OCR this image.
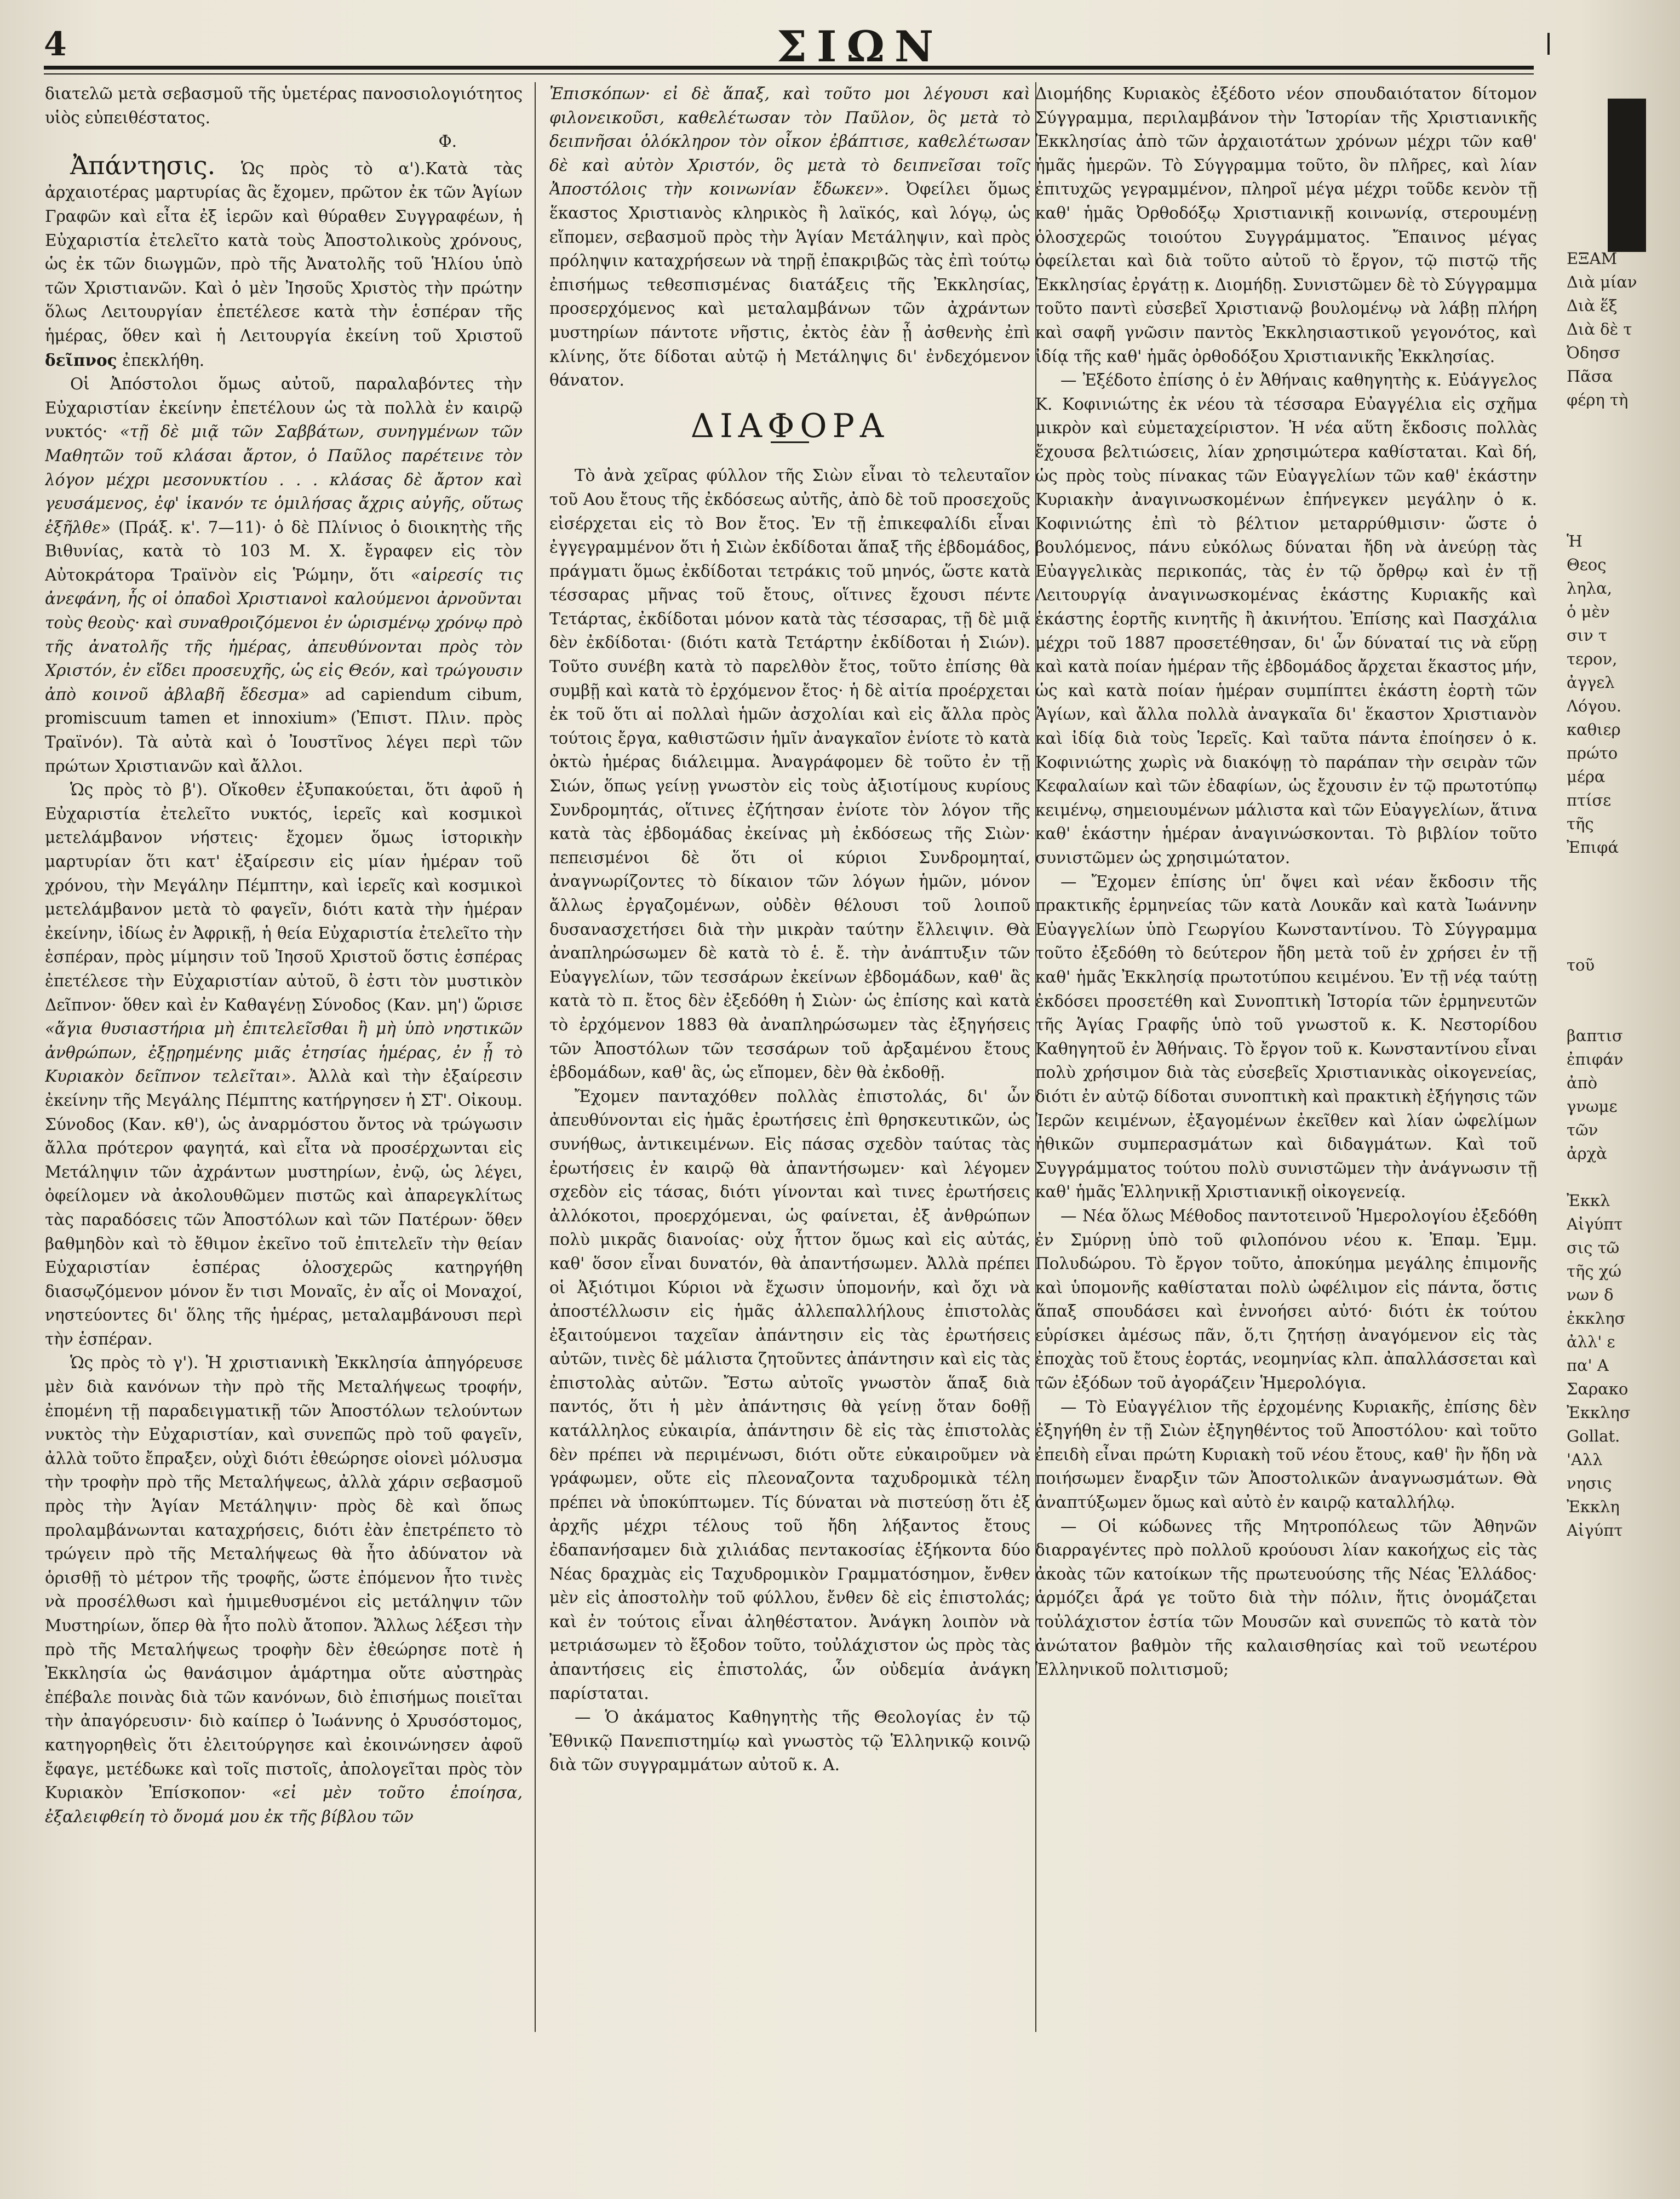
4	ΣΙΩΝ

διατελῶ μετὰ σεβασμοῦ τῆς ὑμετέρας πανοσιολογιότητος υἱὸς εὐπειθέστατος.

Φ.

Ἀπάντησις. Ὡς πρὸς τὸ α').Κατὰ τὰς ἀρχαιοτέρας μαρτυρίας ἃς ἔχομεν, πρῶτον ἐκ τῶν Ἁγίων Γραφῶν καὶ εἶτα ἐξ ἱερῶν καὶ θύραθεν Συγγραφέων, ἡ Εὐχαριστία ἐτελεῖτο κατὰ τοὺς Ἀποστολικοὺς χρόνους, ὡς ἐκ τῶν διωγμῶν, πρὸ τῆς Ἀνατολῆς τοῦ Ἡλίου ὑπὸ τῶν Χριστιανῶν. Καὶ ὁ μὲν Ἰησοῦς Χριστὸς τὴν πρώτην ὅλως Λειτουργίαν ἐπετέλεσε κατὰ τὴν ἑσπέραν τῆς ἡμέρας, ὅθεν καὶ ἡ Λειτουργία ἐκείνη τοῦ Χριστοῦ δεῖπνος ἐπεκλήθη.

Οἱ Ἀπόστολοι ὅμως αὐτοῦ, παραλαβόντες τὴν Εὐχαριστίαν ἐκείνην ἐπετέλουν ὡς τὰ πολλὰ ἐν καιρῷ νυκτός· «τῇ δὲ μιᾷ τῶν Σαββάτων, συνηγμένων τῶν Μαθητῶν τοῦ κλάσαι ἄρτον, ὁ Παῦλος παρέτεινε τὸν λόγον μέχρι μεσονυκτίου . . . κλάσας δὲ ἄρτον καὶ γευσάμενος, ἐφ' ἱκανόν τε ὁμιλήσας ἄχρις αὐγῆς, οὕτως ἐξῆλθε» (Πράξ. κ'. 7—11)· ὁ δὲ Πλίνιος ὁ διοικητὴς τῆς Βιθυνίας, κατὰ τὸ 103 Μ. Χ. ἔγραφεν εἰς τὸν Αὐτοκράτορα Τραϊνὸν εἰς Ῥώμην, ὅτι «αἱρεσίς τις ἀνεφάνη, ἧς οἱ ὀπαδοὶ Χριστιανοὶ καλούμενοι ἀρνοῦνται τοὺς θεοὺς· καὶ συναθροιζόμενοι ἐν ὡρισμένῳ χρόνῳ πρὸ τῆς ἀνατολῆς τῆς ἡμέρας, ἀπευθύνονται πρὸς τὸν Χριστόν, ἐν εἴδει προσευχῆς, ὡς εἰς Θεόν, καὶ τρώγουσιν ἀπὸ κοινοῦ ἀβλαβῆ ἔδεσμα» ad capiendum cibum, promiscuum tamen et innoxium» (Ἐπιστ. Πλιν. πρὸς Τραϊνόν). Τὰ αὐτὰ καὶ ὁ Ἰουστῖνος λέγει περὶ τῶν πρώτων Χριστιανῶν καὶ ἄλλοι.

Ὡς πρὸς τὸ β'). Οἴκοθεν ἐξυπακούεται, ὅτι ἀφοῦ ἡ Εὐχαριστία ἐτελεῖτο νυκτός, ἱερεῖς καὶ κοσμικοὶ μετελάμβανον νήστεις· ἔχομεν ὅμως ἱστορικὴν μαρτυρίαν ὅτι κατ' ἐξαίρεσιν εἰς μίαν ἡμέραν τοῦ χρόνου, τὴν Μεγάλην Πέμπτην, καὶ ἱερεῖς καὶ κοσμικοὶ μετελάμβανον μετὰ τὸ φαγεῖν, διότι κατὰ τὴν ἡμέραν ἐκείνην, ἰδίως ἐν Ἀφρικῇ, ἡ θεία Εὐχαριστία ἐτελεῖτο τὴν ἑσπέραν, πρὸς μίμησιν τοῦ Ἰησοῦ Χριστοῦ ὅστις ἑσπέρας ἐπετέλεσε τὴν Εὐχαριστίαν αὐτοῦ, ὃ ἐστι τὸν μυστικὸν Δεῖπνον· ὅθεν καὶ ἐν Καθαγένῃ Σύνοδος (Καν. μη') ὥρισε «ἅγια θυσιαστήρια μὴ ἐπιτελεῖσθαι ἢ μὴ ὑπὸ νηστικῶν ἀνθρώπων, ἐξῃρημένης μιᾶς ἐτησίας ἡμέρας, ἐν ᾗ τὸ Κυριακὸν δεῖπνον τελεῖται». Ἀλλὰ καὶ τὴν ἐξαίρεσιν ἐκείνην τῆς Μεγάλης Πέμπτης κατήργησεν ἡ ΣΤ'. Οἰκουμ. Σύνοδος (Καν. κθ'), ὡς ἀναρμόστου ὄντος νὰ τρώγωσιν ἄλλα πρότερον φαγητά, καὶ εἶτα νὰ προσέρχωνται εἰς Μετάληψιν τῶν ἀχράντων μυστηρίων, ἐνῷ, ὡς λέγει, ὀφείλομεν νὰ ἀκολουθῶμεν πιστῶς καὶ ἀπαρεγκλίτως τὰς παραδόσεις τῶν Ἀποστόλων καὶ τῶν Πατέρων· ὅθεν βαθμηδὸν καὶ τὸ ἔθιμον ἐκεῖνο τοῦ ἐπιτελεῖν τὴν θείαν Εὐχαριστίαν ἑσπέρας ὁλοσχερῶς κατηργήθη διασῳζόμενον μόνον ἔν τισι Μοναῖς, ἐν αἷς οἱ Μοναχοί, νηστεύοντες δι' ὅλης τῆς ἡμέρας, μεταλαμβάνουσι περὶ τὴν ἑσπέραν.

Ὡς πρὸς τὸ γ'). Ἡ χριστιανικὴ Ἐκκλησία ἀπηγόρευσε μὲν διὰ κανόνων τὴν πρὸ τῆς Μεταλήψεως τροφήν, ἐπομένη τῇ παραδειγματικῇ τῶν Ἀποστόλων τελούντων νυκτὸς τὴν Εὐχαριστίαν, καὶ συνεπῶς πρὸ τοῦ φαγεῖν, ἀλλὰ τοῦτο ἔπραξεν, οὐχὶ διότι ἐθεώρησε οἱονεὶ μόλυσμα τὴν τροφὴν πρὸ τῆς Μεταλήψεως, ἀλλὰ χάριν σεβασμοῦ πρὸς τὴν Ἁγίαν Μετάληψιν· πρὸς δὲ καὶ ὅπως προλαμβάνωνται καταχρήσεις, διότι ἐὰν ἐπετρέπετο τὸ τρώγειν πρὸ τῆς Μεταλήψεως θὰ ἦτο ἀδύνατον νὰ ὁρισθῇ τὸ μέτρον τῆς τροφῆς, ὥστε ἐπόμενον ἦτο τινὲς νὰ προσέλθωσι καὶ ἡμιμεθυσμένοι εἰς μετάληψιν τῶν Μυστηρίων, ὅπερ θὰ ἦτο πολὺ ἄτοπον. Ἄλλως λέξεσι τὴν πρὸ τῆς Μεταλήψεως τροφὴν δὲν ἐθεώρησε ποτὲ ἡ Ἐκκλησία ὡς θανάσιμον ἁμάρτημα οὔτε αὐστηρὰς ἐπέβαλε ποινὰς διὰ τῶν κανόνων, διὸ ἐπισήμως ποιεῖται τὴν ἀπαγόρευσιν· διὸ καίπερ ὁ Ἰωάννης ὁ Χρυσόστομος, κατηγορηθεὶς ὅτι ἐλειτούργησε καὶ ἐκοινώνησεν ἀφοῦ ἔφαγε, μετέδωκε καὶ τοῖς πιστοῖς, ἀπολογεῖται πρὸς τὸν Κυριακὸν Ἐπίσκοπον· «εἰ μὲν τοῦτο ἐποίησα, ἐξαλειφθείη τὸ ὄνομά μου ἐκ τῆς βίβλου τῶν

Ἐπισκόπων· εἰ δὲ ἅπαξ, καὶ τοῦτο μοι λέγουσι καὶ φιλονεικοῦσι, καθελέτωσαν τὸν Παῦλον, ὃς μετὰ τὸ δειπνῆσαι ὁλόκληρον τὸν οἶκον ἐβάπτισε, καθελέτωσαν δὲ καὶ αὐτὸν Χριστόν, ὃς μετὰ τὸ δειπνεῖσαι τοῖς Ἀποστόλοις τὴν κοινωνίαν ἔδωκεν». Ὀφείλει ὅμως ἕκαστος Χριστιανὸς κληρικὸς ἢ λαϊκός, καὶ λόγῳ, ὡς εἴπομεν, σεβασμοῦ πρὸς τὴν Ἁγίαν Μετάληψιν, καὶ πρὸς πρόληψιν καταχρήσεων νὰ τηρῇ ἐπακριβῶς τὰς ἐπὶ τούτῳ ἐπισήμως τεθεσπισμένας διατάξεις τῆς Ἐκκλησίας, προσερχόμενος καὶ μεταλαμβάνων τῶν ἀχράντων μυστηρίων πάντοτε νῆστις, ἐκτὸς ἐὰν ᾖ ἀσθενὴς ἐπὶ κλίνης, ὅτε δίδοται αὐτῷ ἡ Μετάληψις δι' ἐνδεχόμενον θάνατον.

ΔΙΑΦΟΡΑ

Τὸ ἀνὰ χεῖρας φύλλον τῆς Σιὼν εἶναι τὸ τελευταῖον τοῦ Αου ἔτους τῆς ἐκδόσεως αὐτῆς, ἀπὸ δὲ τοῦ προσεχοῦς εἰσέρχεται εἰς τὸ Βον ἔτος. Ἐν τῇ ἐπικεφαλίδι εἶναι ἐγγεγραμμένον ὅτι ἡ Σιὼν ἐκδίδοται ἅπαξ τῆς ἑβδομάδος, πράγματι ὅμως ἐκδίδοται τετράκις τοῦ μηνός, ὥστε κατὰ τέσσαρας μῆνας τοῦ ἔτους, οἵτινες ἔχουσι πέντε Τετάρτας, ἐκδίδοται μόνον κατὰ τὰς τέσσαρας, τῇ δὲ μιᾷ δὲν ἐκδίδοται· (διότι κατὰ Τετάρτην ἐκδίδοται ἡ Σιών). Τοῦτο συνέβη κατὰ τὸ παρελθὸν ἔτος, τοῦτο ἐπίσης θὰ συμβῇ καὶ κατὰ τὸ ἐρχόμενον ἔτος· ἡ δὲ αἰτία προέρχεται ἐκ τοῦ ὅτι αἱ πολλαὶ ἡμῶν ἀσχολίαι καὶ εἰς ἄλλα πρὸς τούτοις ἔργα, καθιστῶσιν ἡμῖν ἀναγκαῖον ἐνίοτε τὸ κατὰ ὀκτὼ ἡμέρας διάλειμμα. Ἀναγράφομεν δὲ τοῦτο ἐν τῇ Σιών, ὅπως γείνῃ γνωστὸν εἰς τοὺς ἀξιοτίμους κυρίους Συνδρομητάς, οἵτινες ἐζήτησαν ἐνίοτε τὸν λόγον τῆς κατὰ τὰς ἑβδομάδας ἐκείνας μὴ ἐκδόσεως τῆς Σιὼν· πεπεισμένοι δὲ ὅτι οἱ κύριοι Συνδρομηταί, ἀναγνωρίζοντες τὸ δίκαιον τῶν λόγων ἡμῶν, μόνον ἄλλως ἐργαζομένων, οὐδὲν θέλουσι τοῦ λοιποῦ δυσανασχετήσει διὰ τὴν μικρὰν ταύτην ἔλλειψιν. Θὰ ἀναπληρώσωμεν δὲ κατὰ τὸ ἑ. ἔ. τὴν ἀνάπτυξιν τῶν Εὐαγγελίων, τῶν τεσσάρων ἐκείνων ἑβδομάδων, καθ' ἃς κατὰ τὸ π. ἔτος δὲν ἐξεδόθη ἡ Σιὼν· ὡς ἐπίσης καὶ κατὰ τὸ ἐρχόμενον 1883 θὰ ἀναπληρώσωμεν τὰς ἐξηγήσεις τῶν Ἀποστόλων τῶν τεσσάρων τοῦ ἀρξαμένου ἔτους ἑβδομάδων, καθ' ἃς, ὡς εἴπομεν, δὲν θὰ ἐκδοθῇ.

Ἔχομεν πανταχόθεν πολλὰς ἐπιστολάς, δι' ὧν ἀπευθύνονται εἰς ἡμᾶς ἐρωτήσεις ἐπὶ θρησκευτικῶν, ὡς συνήθως, ἀντικειμένων. Εἰς πάσας σχεδὸν ταύτας τὰς ἐρωτήσεις ἐν καιρῷ θὰ ἀπαντήσωμεν· καὶ λέγομεν σχεδὸν εἰς τάσας, διότι γίνονται καὶ τινες ἐρωτήσεις ἀλλόκοτοι, προερχόμεναι, ὡς φαίνεται, ἐξ ἀνθρώπων πολὺ μικρᾶς διανοίας· οὐχ ἧττον ὅμως καὶ εἰς αὐτάς, καθ' ὅσον εἶναι δυνατόν, θὰ ἀπαντήσωμεν. Ἀλλὰ πρέπει οἱ Ἀξιότιμοι Κύριοι νὰ ἔχωσιν ὑπομονήν, καὶ ὄχι νὰ ἀποστέλλωσιν εἰς ἡμᾶς ἀλλεπαλλήλους ἐπιστολὰς ἐξαιτούμενοι ταχεῖαν ἀπάντησιν εἰς τὰς ἐρωτήσεις αὐτῶν, τινὲς δὲ μάλιστα ζητοῦντες ἀπάντησιν καὶ εἰς τὰς ἐπιστολὰς αὐτῶν. Ἔστω αὐτοῖς γνωστὸν ἅπαξ διὰ παντός, ὅτι ἡ μὲν ἀπάντησις θὰ γείνῃ ὅταν δοθῇ κατάλληλος εὐκαιρία, ἀπάντησιν δὲ εἰς τὰς ἐπιστολὰς δὲν πρέπει νὰ περιμένωσι, διότι οὔτε εὐκαιροῦμεν νὰ γράφωμεν, οὔτε εἰς πλεοναζοντα ταχυδρομικὰ τέλη πρέπει νὰ ὑποκύπτωμεν. Τίς δύναται νὰ πιστεύσῃ ὅτι ἐξ ἀρχῆς μέχρι τέλους τοῦ ἤδη λήξαντος ἔτους ἐδαπανήσαμεν διὰ χιλιάδας πεντακοσίας ἑξήκοντα δύο Νέας δραχμὰς εἰς Ταχυδρομικὸν Γραμματόσημον, ἔνθεν μὲν εἰς ἀποστολὴν τοῦ φύλλου, ἔνθεν δὲ εἰς ἐπιστολάς; καὶ ἐν τούτοις εἶναι ἀληθέστατον. Ἀνάγκη λοιπὸν νὰ μετριάσωμεν τὸ ἔξοδον τοῦτο, τοὐλάχιστον ὡς πρὸς τὰς ἀπαντήσεις εἰς ἐπιστολάς, ὧν οὐδεμία ἀνάγκη παρίσταται.

— Ὁ ἀκάματος Καθηγητὴς τῆς Θεολογίας ἐν τῷ Ἐθνικῷ Πανεπιστημίῳ καὶ γνωστὸς τῷ Ἑλληνικῷ κοινῷ διὰ τῶν συγγραμμάτων αὐτοῦ κ. Α.

Διομήδης Κυριακὸς ἐξέδοτο νέον σπουδαιότατον δίτομον Σύγγραμμα, περιλαμβάνον τὴν Ἱστορίαν τῆς Χριστιανικῆς Ἐκκλησίας ἀπὸ τῶν ἀρχαιοτάτων χρόνων μέχρι τῶν καθ' ἡμᾶς ἡμερῶν. Τὸ Σύγγραμμα τοῦτο, ὃν πλῆρες, καὶ λίαν ἐπιτυχῶς γεγραμμένον, πληροῖ μέγα μέχρι τοῦδε κενὸν τῇ καθ' ἡμᾶς Ὀρθοδόξῳ Χριστιανικῇ κοινωνίᾳ, στερουμένῃ ὁλοσχερῶς τοιούτου Συγγράμματος. Ἔπαινος μέγας ὀφείλεται καὶ διὰ τοῦτο αὐτοῦ τὸ ἔργον, τῷ πιστῷ τῆς Ἐκκλησίας ἐργάτῃ κ. Διομήδῃ. Συνιστῶμεν δὲ τὸ Σύγγραμμα τοῦτο παντὶ εὐσεβεῖ Χριστιανῷ βουλομένῳ νὰ λάβῃ πλήρη καὶ σαφῆ γνῶσιν παντὸς Ἐκκλησιαστικοῦ γεγονότος, καὶ ἰδίᾳ τῆς καθ' ἡμᾶς ὀρθοδόξου Χριστιανικῆς Ἐκκλησίας.

— Ἐξέδοτο ἐπίσης ὁ ἐν Ἀθήναις καθηγητὴς κ. Εὐάγγελος Κ. Κοφινιώτης ἐκ νέου τὰ τέσσαρα Εὐαγγέλια εἰς σχῆμα μικρὸν καὶ εὐμεταχείριστον. Ἡ νέα αὕτη ἔκδοσις πολλὰς ἔχουσα βελτιώσεις, λίαν χρησιμώτερα καθίσταται. Καὶ δή, ὡς πρὸς τοὺς πίνακας τῶν Εὐαγγελίων τῶν καθ' ἑκάστην Κυριακὴν ἀναγινωσκομένων ἐπήνεγκεν μεγάλην ὁ κ. Κοφινιώτης ἐπὶ τὸ βέλτιον μεταρρύθμισιν· ὥστε ὁ βουλόμενος, πάνυ εὐκόλως δύναται ἤδη νὰ ἀνεύρῃ τὰς Εὐαγγελικὰς περικοπάς, τὰς ἐν τῷ ὄρθρῳ καὶ ἐν τῇ Λειτουργίᾳ ἀναγινωσκομένας ἑκάστης Κυριακῆς καὶ ἑκάστης ἑορτῆς κινητῆς ἢ ἀκινήτου. Ἐπίσης καὶ Πασχάλια μέχρι τοῦ 1887 προσετέθησαν, δι' ὧν δύναταί τις νὰ εὕρῃ καὶ κατὰ ποίαν ἡμέραν τῆς ἑβδομάδος ἄρχεται ἕκαστος μήν, ὡς καὶ κατὰ ποίαν ἡμέραν συμπίπτει ἑκάστη ἑορτὴ τῶν Ἁγίων, καὶ ἄλλα πολλὰ ἀναγκαῖα δι' ἕκαστον Χριστιανὸν καὶ ἰδίᾳ διὰ τοὺς Ἱερεῖς. Καὶ ταῦτα πάντα ἐποίησεν ὁ κ. Κοφινιώτης χωρὶς νὰ διακόψῃ τὸ παράπαν τὴν σειρὰν τῶν Κεφαλαίων καὶ τῶν ἐδαφίων, ὡς ἔχουσιν ἐν τῷ πρωτοτύπῳ κειμένῳ, σημειουμένων μάλιστα καὶ τῶν Εὐαγγελίων, ἅτινα καθ' ἑκάστην ἡμέραν ἀναγινώσκονται. Τὸ βιβλίον τοῦτο συνιστῶμεν ὡς χρησιμώτατον.

— Ἔχομεν ἐπίσης ὑπ' ὄψει καὶ νέαν ἔκδοσιν τῆς πρακτικῆς ἑρμηνείας τῶν κατὰ Λουκᾶν καὶ κατὰ Ἰωάννην Εὐαγγελίων ὑπὸ Γεωργίου Κωνσταντίνου. Τὸ Σύγγραμμα τοῦτο ἐξεδόθη τὸ δεύτερον ἤδη μετὰ τοῦ ἐν χρήσει ἐν τῇ καθ' ἡμᾶς Ἐκκλησίᾳ πρωτοτύπου κειμένου. Ἐν τῇ νέᾳ ταύτῃ ἐκδόσει προσετέθη καὶ Συνοπτικὴ Ἱστορία τῶν ἑρμηνευτῶν τῆς Ἁγίας Γραφῆς ὑπὸ τοῦ γνωστοῦ κ. Κ. Νεστορίδου Καθηγητοῦ ἐν Ἀθήναις. Τὸ ἔργον τοῦ κ. Κωνσταντίνου εἶναι πολὺ χρήσιμον διὰ τὰς εὐσεβεῖς Χριστιανικὰς οἰκογενείας, διότι ἐν αὐτῷ δίδοται συνοπτικὴ καὶ πρακτικὴ ἐξήγησις τῶν Ἱερῶν κειμένων, ἐξαγομένων ἐκεῖθεν καὶ λίαν ὠφελίμων ἠθικῶν συμπερασμάτων καὶ διδαγμάτων. Καὶ τοῦ Συγγράμματος τούτου πολὺ συνιστῶμεν τὴν ἀνάγνωσιν τῇ καθ' ἡμᾶς Ἑλληνικῇ Χριστιανικῇ οἰκογενείᾳ.

— Νέα ὅλως Μέθοδος παντοτεινοῦ Ἡμερολογίου ἐξεδόθη ἐν Σμύρνῃ ὑπὸ τοῦ φιλοπόνου νέου κ. Ἐπαμ. Ἐμμ. Πολυδώρου. Τὸ ἔργον τοῦτο, ἀποκύημα μεγάλης ἐπιμονῆς καὶ ὑπομονῆς καθίσταται πολὺ ὠφέλιμον εἰς πάντα, ὅστις ἅπαξ σπουδάσει καὶ ἐννοήσει αὐτό· διότι ἐκ τούτου εὑρίσκει ἀμέσως πᾶν, ὅ,τι ζητήσῃ ἀναγόμενον εἰς τὰς ἐποχὰς τοῦ ἔτους ἑορτάς, νεομηνίας κλπ. ἀπαλλάσσεται καὶ τῶν ἐξόδων τοῦ ἀγοράζειν Ἡμερολόγια.

— Τὸ Εὐαγγέλιον τῆς ἐρχομένης Κυριακῆς, ἐπίσης δὲν ἐξηγήθη ἐν τῇ Σιὼν ἐξηγηθέντος τοῦ Ἀποστόλου· καὶ τοῦτο ἐπειδὴ εἶναι πρώτη Κυριακὴ τοῦ νέου ἔτους, καθ' ἣν ἤδη νὰ ποιήσωμεν ἔναρξιν τῶν Ἀποστολικῶν ἀναγνωσμάτων. Θὰ ἀναπτύξωμεν ὅμως καὶ αὐτὸ ἐν καιρῷ καταλλήλῳ.

— Οἱ κώδωνες τῆς Μητροπόλεως τῶν Ἀθηνῶν διαρραγέντες πρὸ πολλοῦ κρούουσι λίαν κακοήχως εἰς τὰς ἀκοὰς τῶν κατοίκων τῆς πρωτευούσης τῆς Νέας Ἑλλάδος· ἁρμόζει ἆρά γε τοῦτο διὰ τὴν πόλιν, ἥτις ὀνομάζεται τοὐλάχιστον ἑστία τῶν Μουσῶν καὶ συνεπῶς τὸ κατὰ τὸν ἀνώτατον βαθμὸν τῆς καλαισθησίας καὶ τοῦ νεωτέρου Ἑλληνικοῦ πολιτισμοῦ;

ΕΞΑΜ
Διὰ μίαν
Διὰ ἕξ
Διὰ δὲ τ
Ὀδησσ
Πᾶσα
φέρη τὴ

Ἡ
Θεος
ληλα,
ὁ μὲν
σιν τ
τερον,
ἀγγελ
Λόγου.
καθιερ
πρώτο
μέρα
πτίσε
τῆς
Ἐπιφά

τοῦ

βαπτισ
ἐπιφάν
ἀπὸ
γνωμε
τῶν
ἀρχὰ

Ἐκκλ
Αἰγύπτ
σις τῶ
τῆς χώ
νων δ
ἐκκλησ
ἀλλ' ε
πα' Α
Σαρακο
Ἐκκλησ
Gollat.
'Αλλ
νησις
Ἐκκλη
Αἰγύπτ
